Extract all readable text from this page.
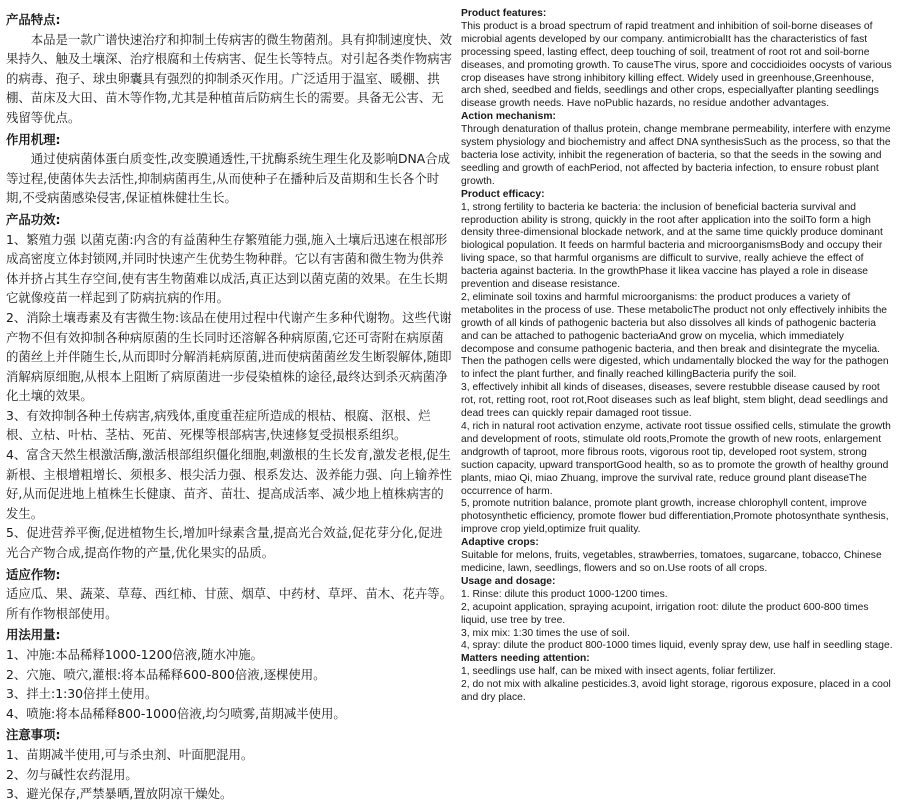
产品特点:

本品是一款广谱快速治疗和抑制土传病害的微生物菌剂。具有抑制速度快、效果持久、触及土壤深、治疗根腐和土传病害、促生长等特点。对引起各类作物病害的病毒、孢子、球虫卵囊具有强烈的抑制杀灭作用。广泛适用于温室、暖棚、拱棚、苗床及大田、苗木等作物,尤其是种植苗后防病生长的需要。具备无公害、无残留等优点。

作用机理:

通过使病菌体蛋白质变性,改变膜通透性,干扰酶系统生理生化及影响DNA合成等过程,使菌体失去活性,抑制病菌再生,从而使种子在播种后及苗期和生长各个时期,不受病菌感染侵害,保证植株健壮生长。

产品功效:

1、繁殖力强 以菌克菌:内含的有益菌种生存繁殖能力强,施入土壤后迅速在根部形成高密度立体封锁网,并同时快速产生优势生物种群。它以有害菌和微生物为供养体并挤占其生存空间,使有害生物菌难以成活,真正达到以菌克菌的效果。在生长期它就像疫苗一样起到了防病抗病的作用。

2、消除土壤毒素及有害微生物:该品在使用过程中代谢产生多种代谢物。这些代谢产物不但有效抑制各种病原菌的生长同时还溶解各种病原菌,它还可寄附在病原菌的菌丝上并伴随生长,从而即时分解消耗病原菌,进而使病菌菌丝发生断裂解体,随即消解病原细胞,从根本上阻断了病原菌进一步侵染植株的途径,最终达到杀灭病菌净化土壤的效果。

3、有效抑制各种土传病害,病残体,重度重茬症所造成的根枯、根腐、沤根、烂根、立枯、叶枯、茎枯、死苗、死棵等根部病害,快速修复受损根系组织。

4、富含天然生根激活酶,激活根部组织僵化细胞,刺激根的生长发育,激发老根,促生新根、主根增粗增长、须根多、根尖活力强、根系发达、汲养能力强、向上输养性好,从而促进地上植株生长健康、苗齐、苗壮、提高成活率、减少地上植株病害的发生。

5、促进营养平衡,促进植物生长,增加叶绿素含量,提高光合效益,促花芽分化,促进光合产物合成,提高作物的产量,优化果实的品质。

适应作物:

适应瓜、果、蔬菜、草莓、西红柿、甘蔗、烟草、中药材、草坪、苗木、花卉等。所有作物根部使用。

用法用量:

1、冲施:本品稀释1000-1200倍液,随水冲施。

2、穴施、喷穴,灌根:将本品稀释600-800倍液,逐棵使用。

3、拌土:1:30倍拌土使用。

4、喷施:将本品稀释800-1000倍液,均匀喷雾,苗期减半使用。

注意事项:

1、苗期减半使用,可与杀虫剂、叶面肥混用。

2、勿与碱性农药混用。

3、避光保存,严禁暴晒,置放阴凉干燥处。

Product features:

This product is a broad spectrum of rapid treatment and inhibition of soil-borne diseases of microbial agents developed by our company. antimicrobialIt has the characteristics of fast processing speed, lasting effect, deep touching of soil, treatment of root rot and soil-borne diseases, and promoting growth. To causeThe virus, spore and coccidioides oocysts of various crop diseases have strong inhibitory killing effect. Widely used in greenhouse,Greenhouse, arch shed, seedbed and fields, seedlings and other crops, especiallyafter planting seedlings disease growth needs. Have noPublic hazards, no residue andother advantages.

Action mechanism:

Through denaturation of thallus protein, change membrane permeability, interfere with enzyme system physiology and biochemistry and affect DNA synthesisSuch as the process, so that the

bacteria lose activity, inhibit the regeneration of bacteria, so that the seeds in the sowing and seedling and growth of eachPeriod, not affected by bacteria infection, to ensure robust plant growth.

Product efficacy:

1, strong fertility to bacteria ke bacteria: the inclusion of beneficial bacteria survival and reproduction ability is strong, quickly in the root after application into the soilTo form a high density three-dimensional blockade network, and at the same time quickly produce dominant biological population. It feeds on harmful bacteria and microorganismsBody and occupy their living space, so that harmful organisms are difficult to survive, really achieve the effect of bacteria against bacteria. In the growthPhase it likea vaccine has played a role in disease prevention and disease resistance.

2, eliminate soil toxins and harmful microorganisms: the product produces a variety of metabolites in the process of use. These metabolicThe product not only effectively inhibits the growth of all kinds of pathogenic bacteria but also dissolves all kinds of pathogenic bacteria and can be attached to pathogenic bacteriaAnd grow on mycelia, which immediately decompose and consume pathogenic bacteria, and then break and disintegrate the mycelia. Then the pathogen cells were digested, which undamentally blocked the way for the pathogen to infect the plant further, and finally reached killingBacteria purify the soil.

3, effectively inhibit all kinds of diseases, diseases, severe restubble disease caused by root rot, rot, retting root, root rot,Root diseases such as leaf blight, stem blight, dead seedlings and dead trees can quickly repair damaged root tissue.

4, rich in natural root activation enzyme, activate root tissue ossified cells, stimulate the growth and development of roots, stimulate old roots,Promote the growth of new roots, enlargement andgrowth of taproot, more fibrous roots, vigorous root tip, developed root system, strong suction capacity, upward transportGood health, so as to promote the growth of healthy ground plants, miao Qi, miao Zhuang, improve the survival rate, reduce ground plant diseaseThe occurrence of harm.

5, promote nutrition balance, promote plant growth, increase chlorophyll content, improve photosynthetic efficiency, promote flower bud differentiation,Promote photosynthate synthesis, improve crop yield,optimize fruit quality.

Adaptive crops:

Suitable for melons, fruits, vegetables, strawberries, tomatoes, sugarcane, tobacco, Chinese medicine, lawn, seedlings, flowers and so on.Use roots of all crops.

Usage and dosage:

1. Rinse: dilute this product 1000-1200 times.

2, acupoint application, spraying acupoint, irrigation root: dilute the product 600-800 times liquid, use tree by tree.

3, mix mix: 1:30 times the use of soil.

4, spray: dilute the product 800-1000 times liquid, evenly spray dew, use half in seedling stage.

Matters needing attention:

1, seedlings use half, can be mixed with insect agents, foliar fertilizer.

2, do not mix with alkaline pesticides.3, avoid light storage, rigorous exposure, placed in a cool and dry place.
